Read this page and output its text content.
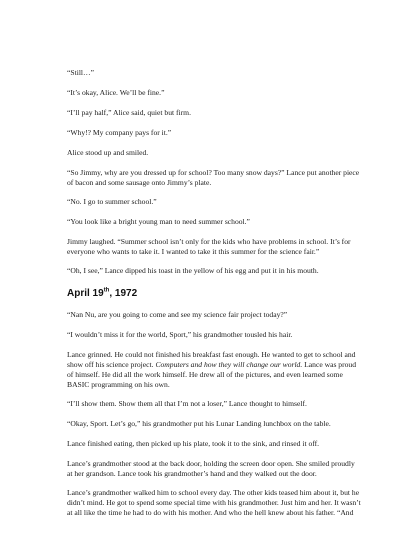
“Still…”

“It’s okay, Alice. We’ll be fine.”

“I’ll pay half,” Alice said, quiet but firm.

“Why!? My company pays for it.”

Alice stood up and smiled.

“So Jimmy, why are you dressed up for school? Too many snow days?” Lance put another piece of bacon and some sausage onto Jimmy’s plate.

“No. I go to summer school.”

“You look like a bright young man to need summer school.”

Jimmy laughed. “Summer school isn’t only for the kids who have problems in school. It’s for everyone who wants to take it. I wanted to take it this summer for the science fair.”

“Oh, I see,” Lance dipped his toast in the yellow of his egg and put it in his mouth.

April 19th, 1972

“Nan Nu, are you going to come and see my science fair project today?”

“I wouldn’t miss it for the world, Sport,” his grandmother tousled his hair.

Lance grinned. He could not finished his breakfast fast enough. He wanted to get to school and show off his science project. Computers and how they will change our world. Lance was proud of himself. He did all the work himself. He drew all of the pictures, and even learned some BASIC programming on his own.

“I’ll show them. Show them all that I’m not a loser,” Lance thought to himself.

“Okay, Sport. Let’s go,” his grandmother put his Lunar Landing lunchbox on the table.

Lance finished eating, then picked up his plate, took it to the sink, and rinsed it off.

Lance’s grandmother stood at the back door, holding the screen door open. She smiled proudly at her grandson. Lance took his grandmother’s hand and they walked out the door.

Lance’s grandmother walked him to school every day. The other kids teased him about it, but he didn’t mind. He got to spend some special time with his grandmother. Just him and her. It wasn’t at all like the time he had to do with his mother. And who the hell knew about his father. “And
